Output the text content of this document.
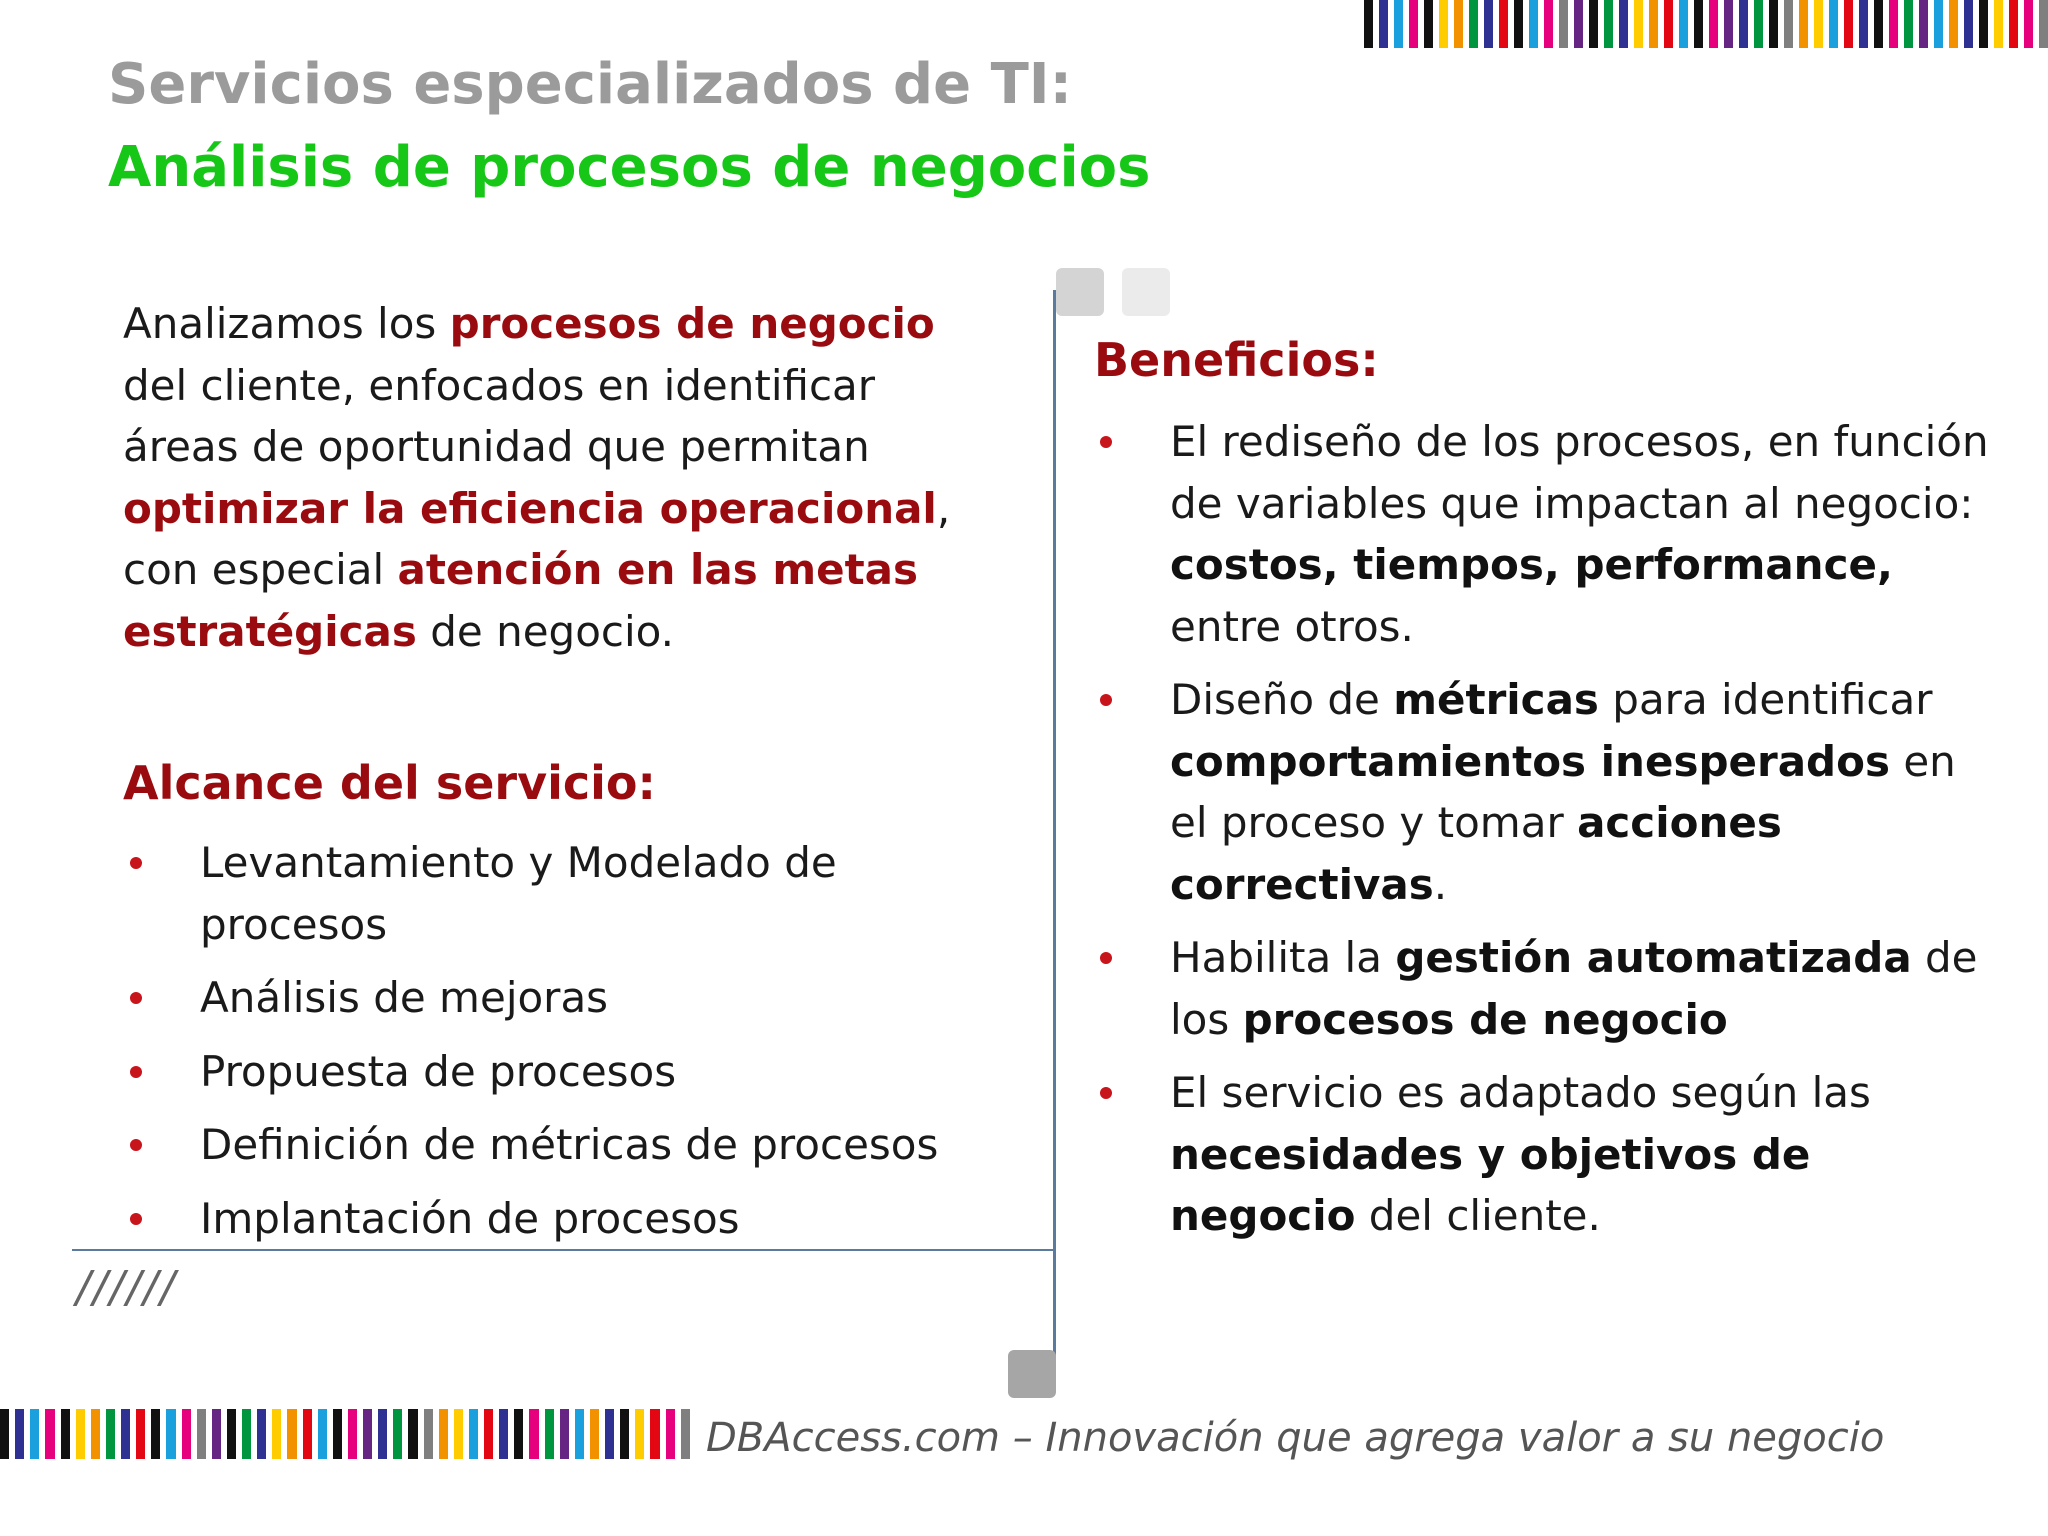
Servicios especializados de TI:
Análisis de procesos de negocios
Analizamos los procesos de negocio del cliente, enfocados en identificar áreas de oportunidad que permitan optimizar la eficiencia operacional, con especial atención en las metas estratégicas de negocio.
Alcance del servicio:
Levantamiento y Modelado de procesos
Análisis de mejoras
Propuesta de procesos
Definición de métricas de procesos
Implantación de procesos
Beneficios:
El rediseño de los procesos, en función de variables que impactan al negocio: costos, tiempos, performance, entre otros.
Diseño de métricas para identificar comportamientos inesperados en el proceso y tomar acciones correctivas.
Habilita la gestión automatizada de los procesos de negocio
El servicio es adaptado según las necesidades y objetivos de negocio del cliente.
//////
DBAccess.com – Innovación que agrega valor a su negocio
